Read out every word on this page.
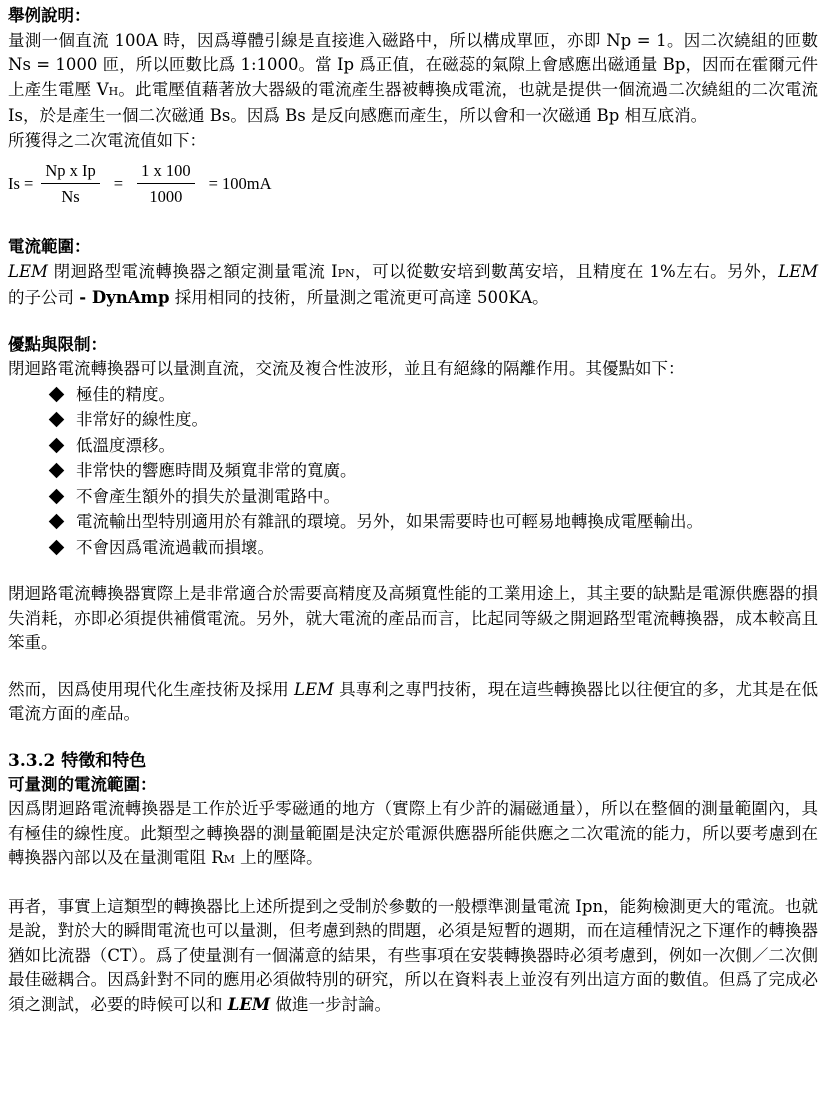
舉例說明：

量測一個直流 100A 時，因爲導體引線是直接進入磁路中，所以構成單匝，亦即 Np = 1。因二次繞組的匝數 Ns = 1000 匝，所以匝數比爲 1:1000。當 Ip 爲正值，在磁蕊的氣隙上會感應出磁通量 Bp，因而在霍爾元件上產生電壓 VH。此電壓值藉著放大器級的電流產生器被轉換成電流，也就是提供一個流過二次繞組的二次電流 Is，於是產生一個二次磁通 Bs。因爲 Bs 是反向感應而產生，所以會和一次磁通 Bp 相互底消。

所獲得之二次電流值如下：

$Is = \frac{\text{Np x Ip}}{Ns} = \frac{1 x 100}{1000} = 100mA$
電流範圍：

LEM 閉迴路型電流轉換器之額定測量電流 IPN，可以從數安培到數萬安培，且精度在 1%左右。另外，LEM 的子公司 - DynAmp 採用相同的技術，所量測之電流更可高達 500KA。

優點與限制：

閉迴路電流轉換器可以量測直流，交流及複合性波形，並且有絕緣的隔離作用。其優點如下：

極佳的精度。
非常好的線性度。
低溫度漂移。
非常快的響應時間及頻寬非常的寬廣。
不會產生額外的損失於量測電路中。
電流輸出型特別適用於有雜訊的環境。另外，如果需要時也可輕易地轉換成電壓輸出。
不會因爲電流過載而損壞。

閉迴路電流轉換器實際上是非常適合於需要高精度及高頻寬性能的工業用途上，其主要的缺點是電源供應器的損失消耗，亦即必須提供補償電流。另外，就大電流的產品而言，比起同等級之開迴路型電流轉換器，成本較高且笨重。

然而，因爲使用現代化生產技術及採用 LEM 具專利之專門技術，現在這些轉換器比以往便宜的多，尤其是在低電流方面的產品。

3.3.2 特徵和特色
可量測的電流範圍：

因爲閉迴路電流轉換器是工作於近乎零磁通的地方（實際上有少許的漏磁通量），所以在整個的測量範圍內，具有極佳的線性度。此類型之轉換器的測量範圍是決定於電源供應器所能供應之二次電流的能力，所以要考慮到在轉換器內部以及在量測電阻 RM 上的壓降。

再者，事實上這類型的轉換器比上述所提到之受制於參數的一般標準測量電流 Ipn，能夠檢測更大的電流。也就是說，對於大的瞬間電流也可以量測，但考慮到熱的問題，必須是短暫的週期，而在這種情況之下運作的轉換器猶如比流器（CT）。爲了使量測有一個滿意的結果，有些事項在安裝轉換器時必須考慮到，例如一次側／二次側最佳磁耦合。因爲針對不同的應用必須做特別的研究，所以在資料表上並沒有列出這方面的數值。但爲了完成必須之測試，必要的時候可以和 LEM 做進一步討論。
